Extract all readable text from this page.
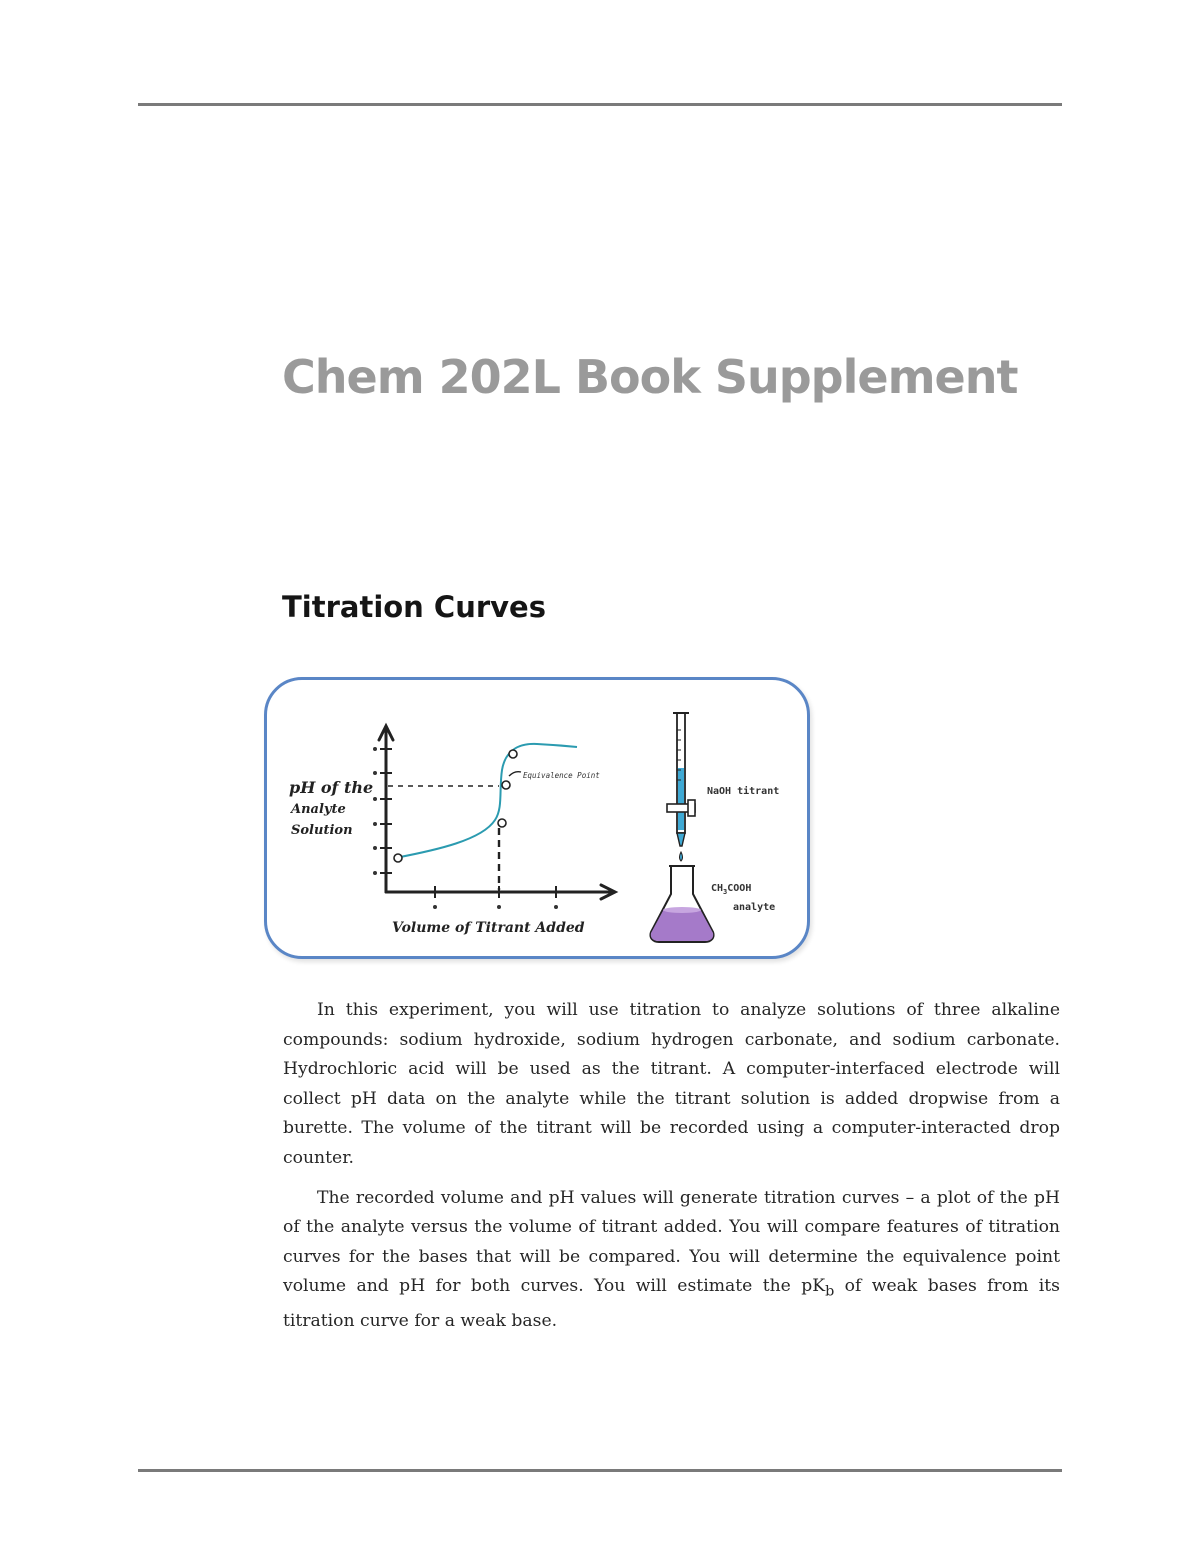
Chem 202L Book Supplement
Titration Curves
Equivalence Point
pH of the Analyte Solution
Volume of Titrant Added
NaOH titrant
$CH_3COOH$ analyte

In this experiment, you will use titration to analyze solutions of three alkaline compounds: sodium hydroxide, sodium hydrogen carbonate, and sodium carbonate. Hydrochloric acid will be used as the titrant. A computer-interfaced electrode will collect pH data on the analyte while the titrant solution is added dropwise from a burette. The volume of the titrant will be recorded using a computer-interacted drop counter.

The recorded volume and pH values will generate titration curves – a plot of the pH of the analyte versus the volume of titrant added. You will compare features of titration curves for the bases that will be compared. You will determine the equivalence point volume and pH for both curves. You will estimate the $pK_b$ of weak bases from its titration curve for a weak base.
